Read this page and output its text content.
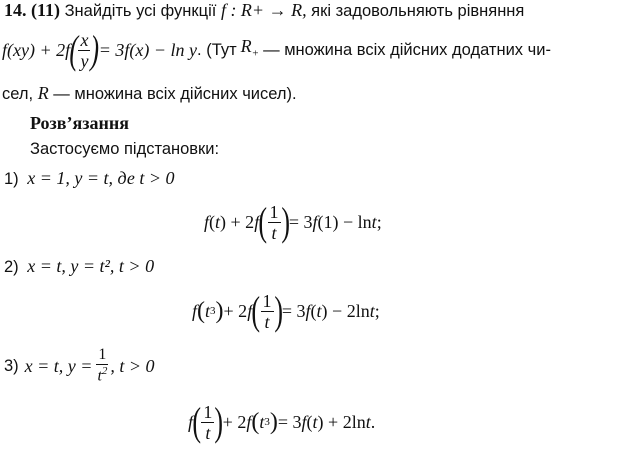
14. (11) Знайдіть усі функції f : R+ → R, які задовольняють рівняння
f(xy) + 2f ( $\frac{x}{y}$ ) = 3f(x) − ln y . (Тут $R_+$ — множина всіх дійсних додатних чи-
сел, R — множина всіх дійсних чисел).
Розв’язання
Застосуємо підстановки:
1) x = 1, y = t, де t > 0
f ( t ) + 2 f ( $\frac{1}{t}$ ) = 3 f (1) − ln t ;
2) x = t, y = t², t > 0
f ( t 3 ) + 2 f ( $\frac{1}{t}$ ) = 3 f ( t ) − 2ln t ;
3) x = t, $y = \frac{1}{t^2}$ , t > 0
f ( $\frac{1}{t}$ ) + 2 f ( t 3 ) = 3 f ( t ) + 2ln t .
